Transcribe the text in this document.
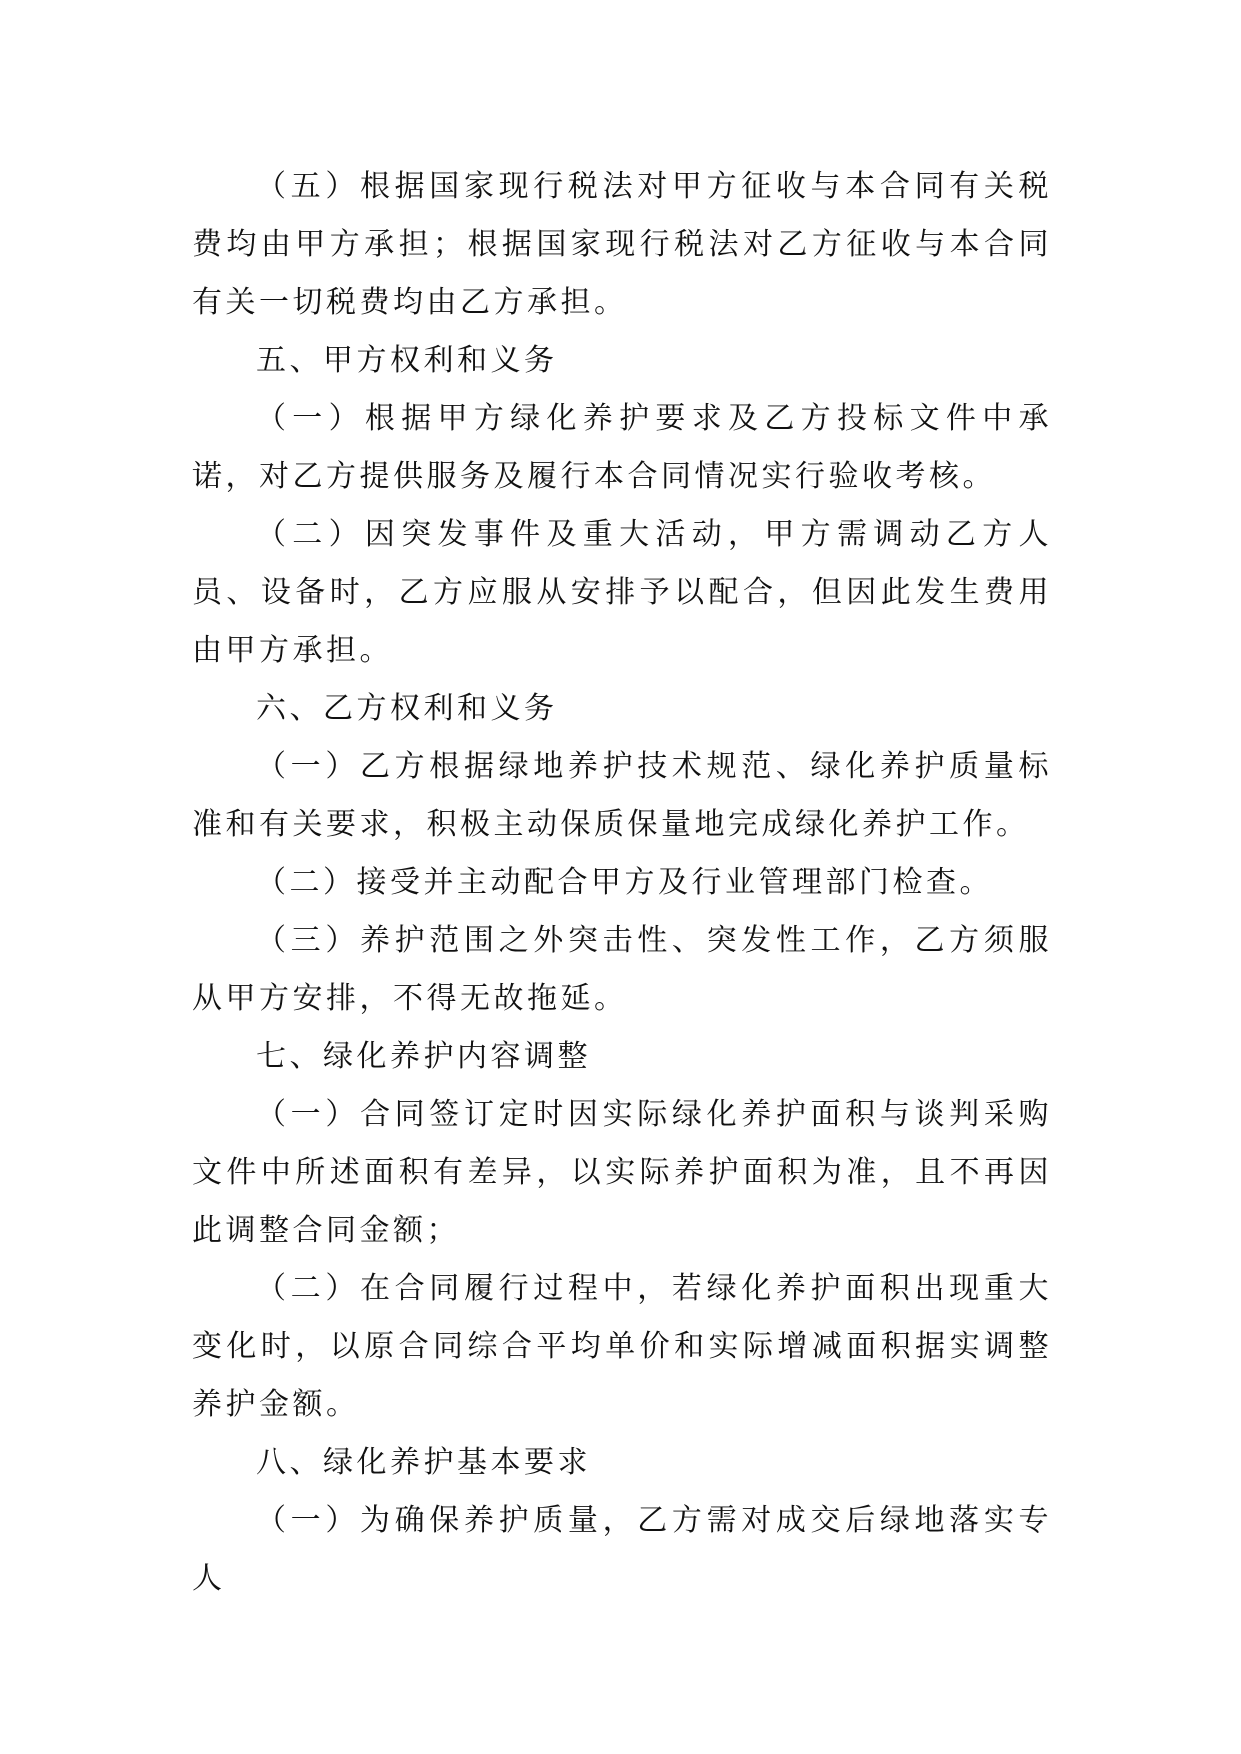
（五）根据国家现行税法对甲方征收与本合同有关税费均由甲方承担；根据国家现行税法对乙方征收与本合同有关一切税费均由乙方承担。

五、甲方权利和义务

（一）根据甲方绿化养护要求及乙方投标文件中承诺，对乙方提供服务及履行本合同情况实行验收考核。

（二）因突发事件及重大活动，甲方需调动乙方人员、设备时，乙方应服从安排予以配合，但因此发生费用由甲方承担。

六、乙方权利和义务

（一）乙方根据绿地养护技术规范、绿化养护质量标准和有关要求，积极主动保质保量地完成绿化养护工作。

（二）接受并主动配合甲方及行业管理部门检查。

（三）养护范围之外突击性、突发性工作，乙方须服从甲方安排，不得无故拖延。

七、绿化养护内容调整

（一）合同签订定时因实际绿化养护面积与谈判采购文件中所述面积有差异，以实际养护面积为准，且不再因此调整合同金额；

（二）在合同履行过程中，若绿化养护面积出现重大变化时，以原合同综合平均单价和实际增减面积据实调整养护金额。

八、绿化养护基本要求

（一）为确保养护质量，乙方需对成交后绿地落实专人
